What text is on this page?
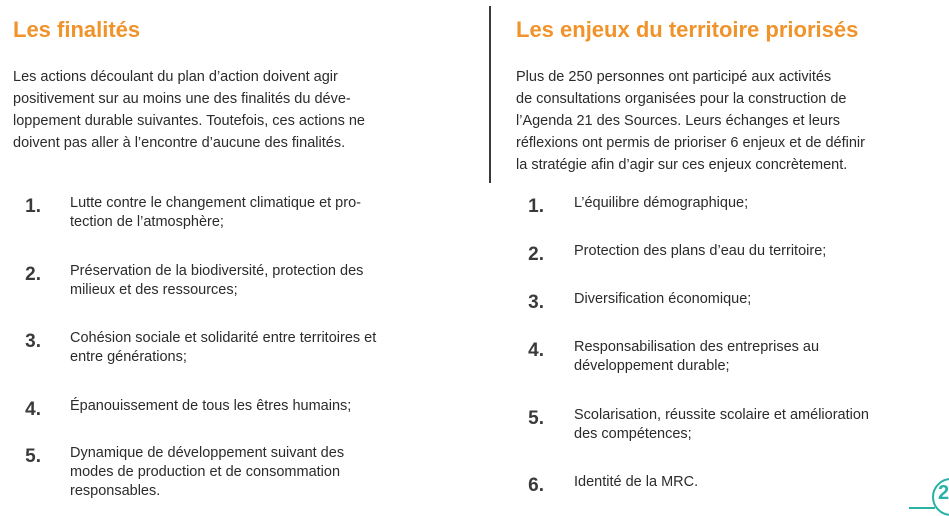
Les finalités

Les actions découlant du plan d’action doivent agir
positivement sur au moins une des finalités du déve-
loppement durable suivantes. Toutefois, ces actions ne
doivent pas aller à l’encontre d’aucune des finalités.

1. Lutte contre le changement climatique et pro-
tection de l’atmosphère;
2. Préservation de la biodiversité, protection des
milieux et des ressources;
3. Cohésion sociale et solidarité entre territoires et
entre générations;
4. Épanouissement de tous les êtres humains;
5. Dynamique de développement suivant des
modes de production et de consommation
responsables.
Les enjeux du territoire priorisés

Plus de 250 personnes ont participé aux activités
de consultations organisées pour la construction de
l’Agenda 21 des Sources. Leurs échanges et leurs
réflexions ont permis de prioriser 6 enjeux et de définir
la stratégie afin d’agir sur ces enjeux concrètement.

1. L’équilibre démographique;
2. Protection des plans d’eau du territoire;
3. Diversification économique;
4. Responsabilisation des entreprises au
développement durable;
5. Scolarisation, réussite scolaire et amélioration
des compétences;
6. Identité de la MRC.	2
